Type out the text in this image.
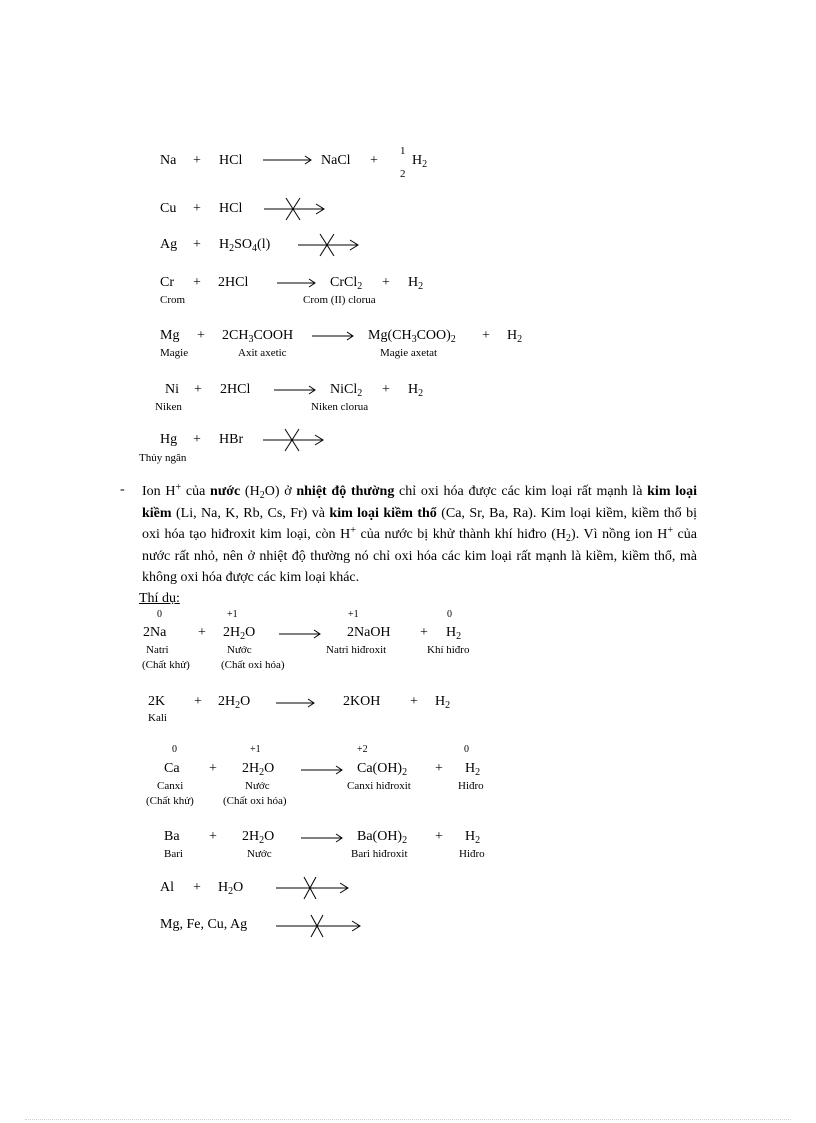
Na + HCl → NaCl +
1
2
$H_2$
Cu + HCl
$Ag + H_2SO_4(l)$
Cr + 2HCl → CrCl$_2$ + $H_2$
Crom	Crom (II) clorua
$Mg + 2CH_3COOH \to Mg(CH_3COO)_2 + H_2$
Magie	Axit axetic	Magie axetat
Ni + 2HCl → NiCl$_2$ + $H_2$
Niken	Niken clorua
Hg + HBr
Thủy ngân
- Ion H+ của nước $(H_2O)$ ở nhiệt độ thường chỉ oxi hóa được các kim loại rất mạnh là kim loại kiềm (Li, Na, K, Rb, Cs, Fr) và kim loại kiềm thổ (Ca, Sr, Ba, Ra). Kim loại kiềm, kiềm thổ bị oxi hóa tạo hiđroxit kim loại, còn H+ của nước bị khử thành khí hiđro $(H_2)$. Vì nồng ion H+ của nước rất nhỏ, nên ở nhiệt độ thường nó chỉ oxi hóa các kim loại rất mạnh là kiềm, kiềm thổ, mà không oxi hóa được các kim loại khác.

Thí dụ:
0	+1	+1	0
$2Na + 2H_2O$ → 2NaOH + $H_2$
Natri	Nước	Natri hiđroxit	Khí hiđro
(Chất khử)	(Chất oxi hóa)
$2K + 2H_2O$	$2KOH + H_2$
Kali
0	+1	+2	0
$Ca + 2H_2O \to Ca(OH)_2 + H_2$
Canxi	Nước	Canxi hiđroxit	Hiđro
(Chất khử)	(Chất oxi hóa)
$Ba + 2H_2O \to Ba(OH)_2 + H_2$
Bari	Nước	Bari hiđroxit	Hiđro
$Al + H_2O$
Mg, Fe, Cu, Ag
